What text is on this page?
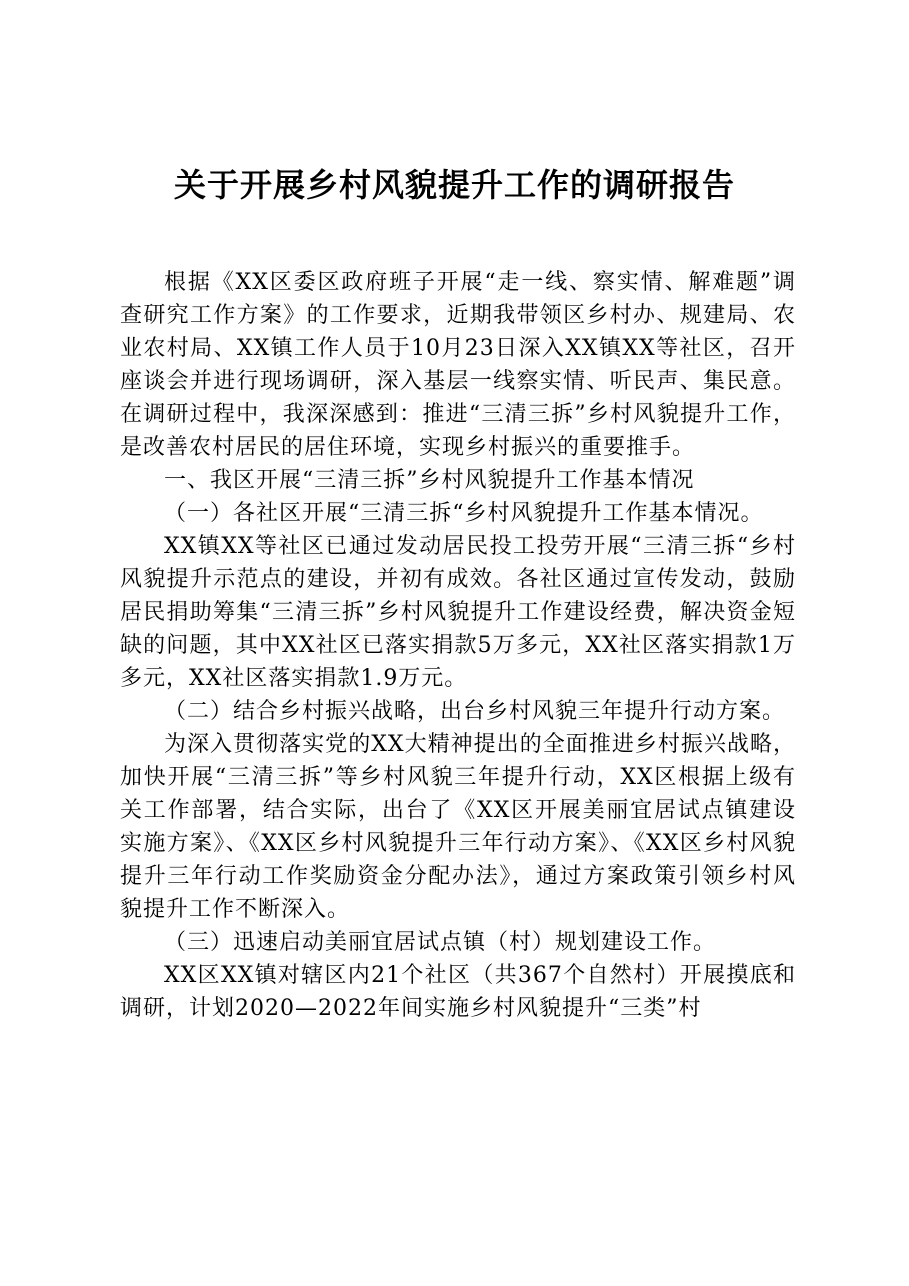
关于开展乡村风貌提升工作的调研报告

根据《XX区委区政府班子开展“走一线、察实情、解难题”调查研究工作方案》的工作要求，近期我带领区乡村办、规建局、农业农村局、XX镇工作人员于10月23日深入XX镇XX等社区，召开座谈会并进行现场调研，深入基层一线察实情、听民声、集民意。在调研过程中，我深深感到：推进“三清三拆”乡村风貌提升工作，是改善农村居民的居住环境，实现乡村振兴的重要推手。

一、我区开展“三清三拆”乡村风貌提升工作基本情况

（一）各社区开展“三清三拆“乡村风貌提升工作基本情况。

XX镇XX等社区已通过发动居民投工投劳开展“三清三拆“乡村风貌提升示范点的建设，并初有成效。各社区通过宣传发动，鼓励居民捐助筹集“三清三拆”乡村风貌提升工作建设经费，解决资金短缺的问题，其中XX社区已落实捐款5万多元，XX社区落实捐款1万多元，XX社区落实捐款1.9万元。

（二）结合乡村振兴战略，出台乡村风貌三年提升行动方案。

为深入贯彻落实党的XX大精神提出的全面推进乡村振兴战略，加快开展“三清三拆”等乡村风貌三年提升行动，XX区根据上级有关工作部署，结合实际，出台了《XX区开展美丽宜居试点镇建设实施方案》、《XX区乡村风貌提升三年行动方案》、《XX区乡村风貌提升三年行动工作奖励资金分配办法》，通过方案政策引领乡村风貌提升工作不断深入。

（三）迅速启动美丽宜居试点镇（村）规划建设工作。

XX区XX镇对辖区内21个社区（共367个自然村）开展摸底和调研，计划2020—2022年间实施乡村风貌提升“三类”村
